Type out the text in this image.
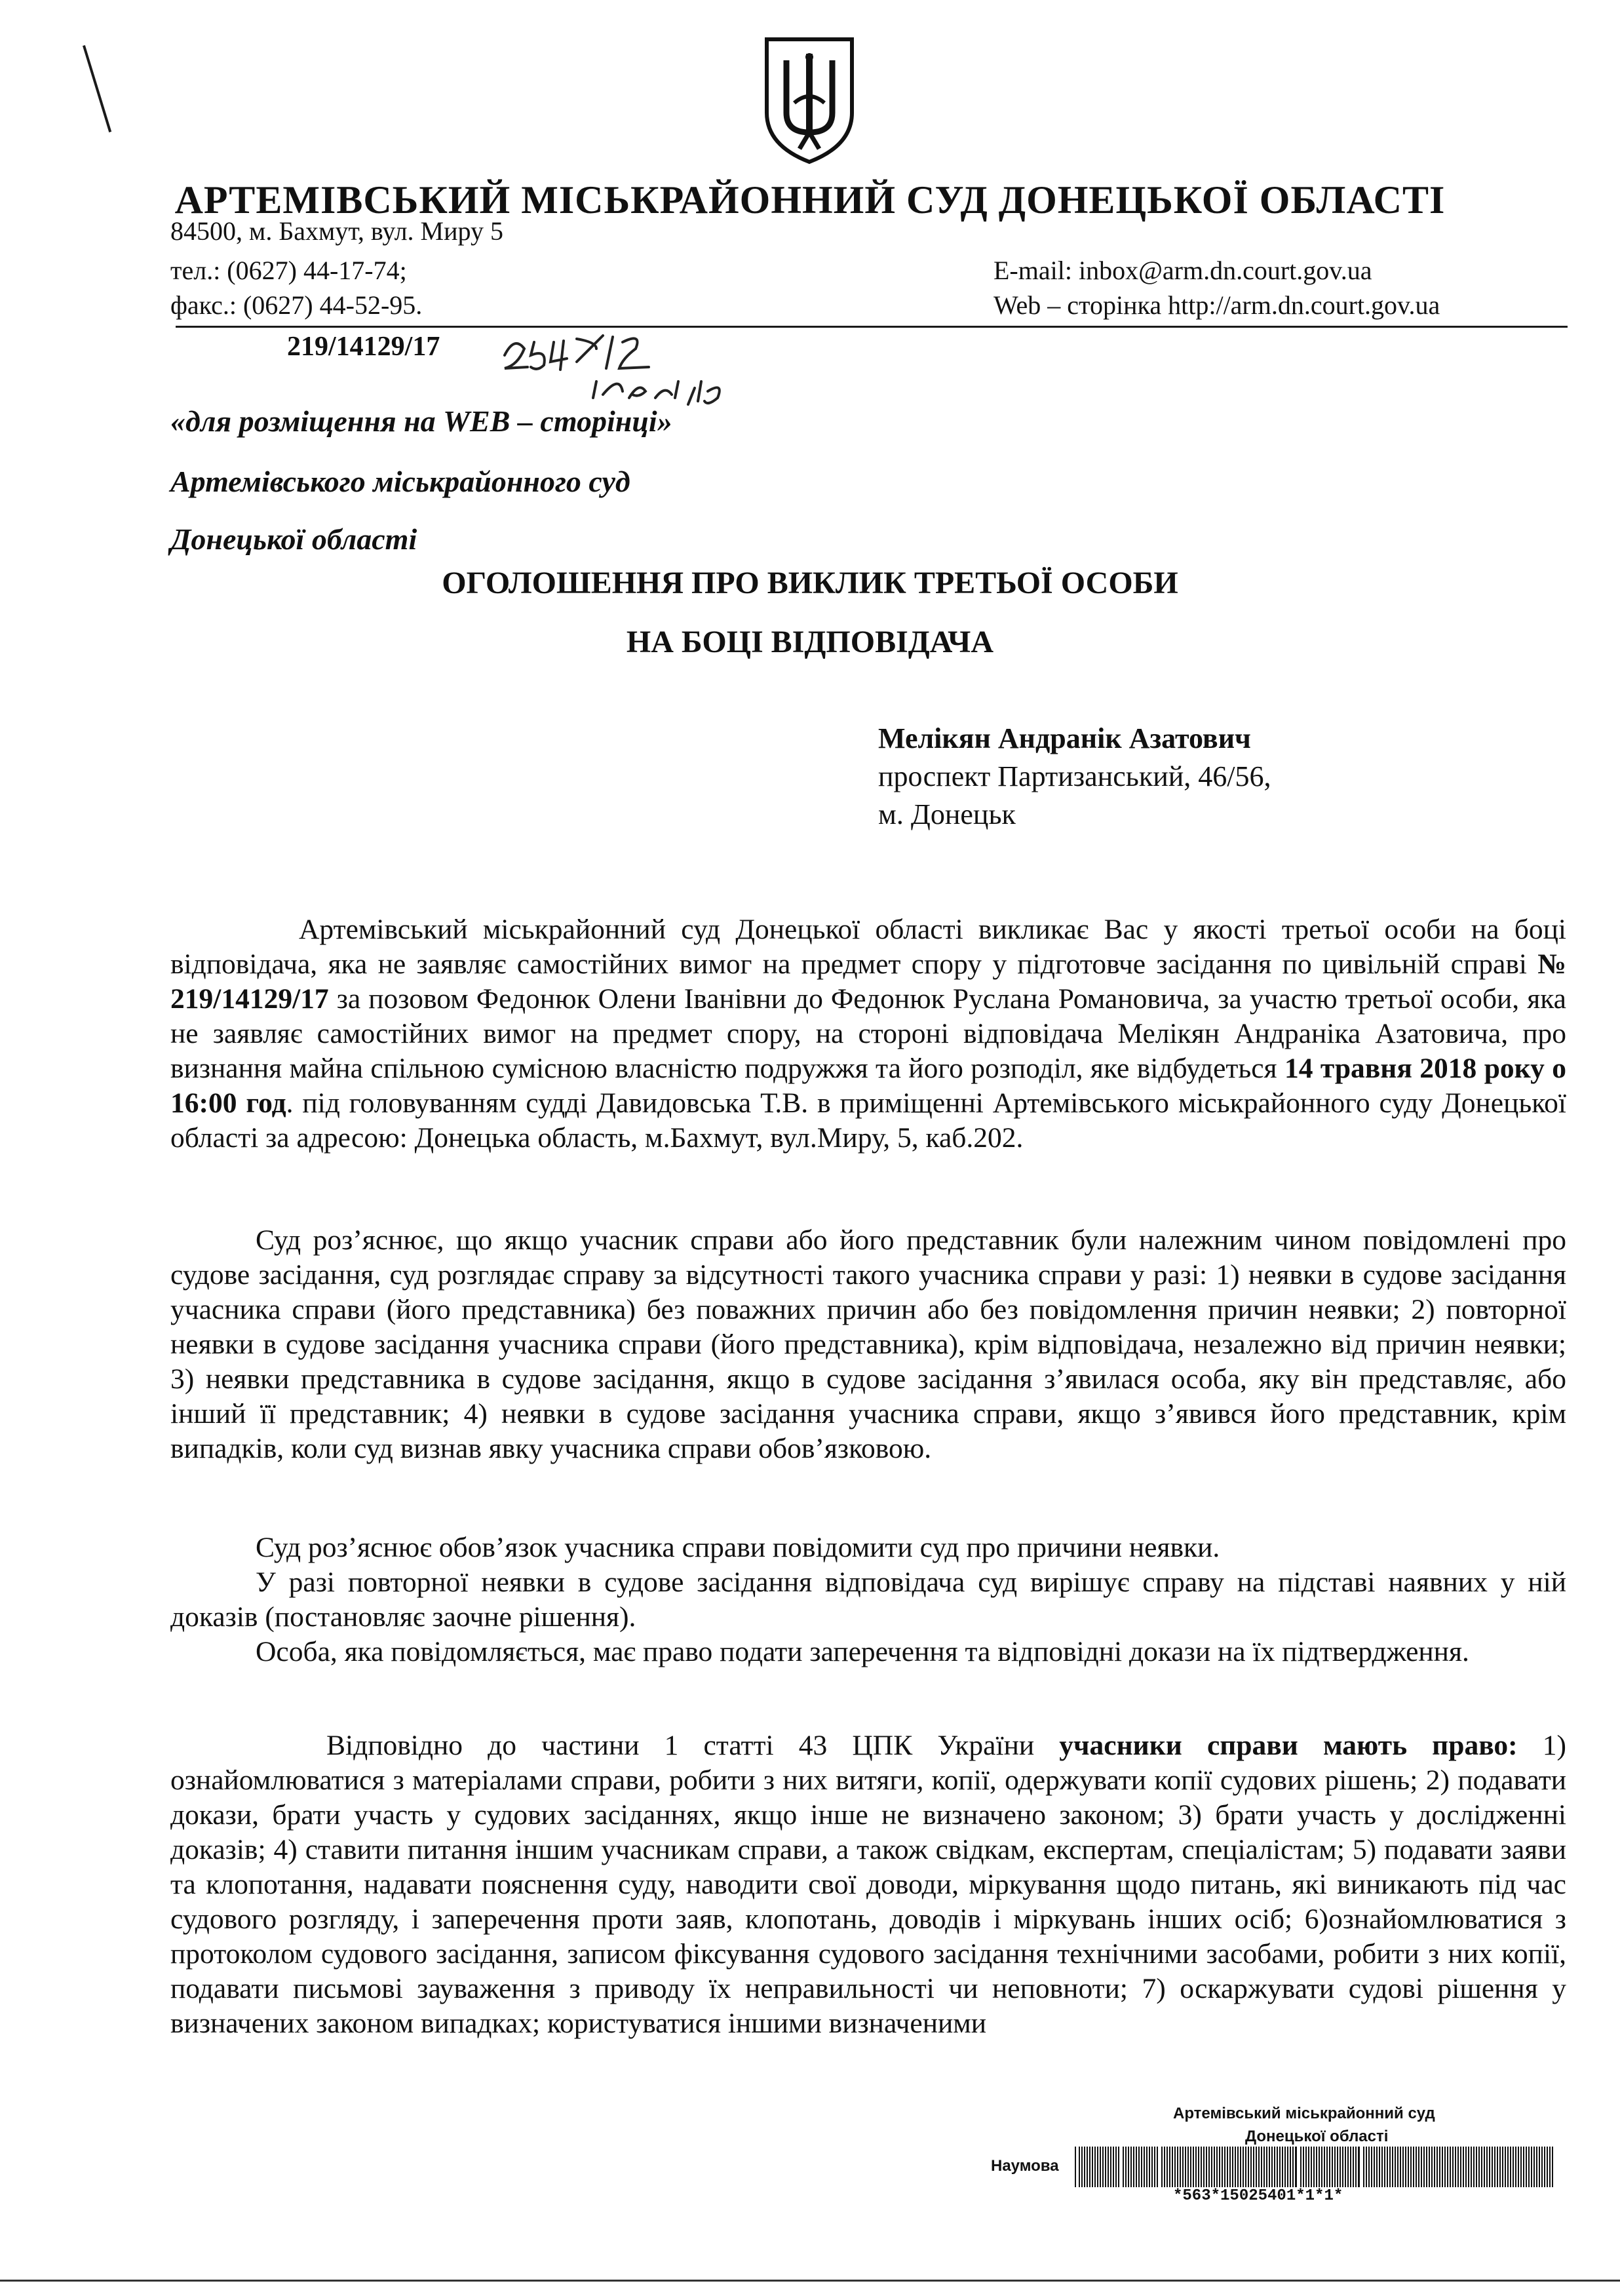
АРТЕМІВСЬКИЙ МІСЬКРАЙОННИЙ СУД ДОНЕЦЬКОЇ ОБЛАСТІ
84500, м. Бахмут, вул. Миру 5
тел.: (0627) 44-17-74;
факс.: (0627) 44-52-95.
E-mail: inbox@arm.dn.court.gov.ua
Web – сторінка http://arm.dn.court.gov.ua
219/14129/17
«для розміщення на WEB – сторінці»
Артемівського міськрайонного суд
Донецької області
ОГОЛОШЕННЯ ПРО ВИКЛИК ТРЕТЬОЇ ОСОБИ
НА БОЦІ ВІДПОВІДАЧА
Мелікян Андранік Азатович
проспект Партизанський, 46/56,
м. Донецьк

Артемівський міськрайонний суд Донецької області викликає Вас у якості третьої особи на боці відповідача, яка не заявляє самостійних вимог на предмет спору у підготовче засідання по цивільній справі № 219/14129/17 за позовом Федонюк Олени Іванівни до Федонюк Руслана Романовича, за участю третьої особи, яка не заявляє самостійних вимог на предмет спору, на стороні відповідача Мелікян Андраніка Азатовича, про визнання майна спільною сумісною власністю подружжя та його розподіл, яке відбудеться 14 травня 2018 року о 16:00 год. під головуванням судді Давидовська Т.В. в приміщенні Артемівського міськрайонного суду Донецької області за адресою: Донецька область, м.Бахмут, вул.Миру, 5, каб.202.

Суд роз’яснює, що якщо учасник справи або його представник були належним чином повідомлені про судове засідання, суд розглядає справу за відсутності такого учасника справи у разі: 1) неявки в судове засідання учасника справи (його представника) без поважних причин або без повідомлення причин неявки; 2) повторної неявки в судове засідання учасника справи (його представника), крім відповідача, незалежно від причин неявки; 3) неявки представника в судове засідання, якщо в судове засідання з’явилася особа, яку він представляє, або інший її представник; 4) неявки в судове засідання учасника справи, якщо з’явився його представник, крім випадків, коли суд визнав явку учасника справи обов’язковою.

Суд роз’яснює обов’язок учасника справи повідомити суд про причини неявки.

У разі повторної неявки в судове засідання відповідача суд вирішує справу на підставі наявних у ній доказів (постановляє заочне рішення).

Особа, яка повідомляється, має право подати заперечення та відповідні докази на їх підтвердження.

Відповідно до частини 1 статті 43 ЦПК України учасники справи мають право: 1) ознайомлюватися з матеріалами справи, робити з них витяги, копії, одержувати копії судових рішень; 2) подавати докази, брати участь у судових засіданнях, якщо інше не визначено законом; 3) брати участь у дослідженні доказів; 4) ставити питання іншим учасникам справи, а також свідкам, експертам, спеціалістам; 5) подавати заяви та клопотання, надавати пояснення суду, наводити свої доводи, міркування щодо питань, які виникають під час судового розгляду, і заперечення проти заяв, клопотань, доводів і міркувань інших осіб; 6)ознайомлюватися з протоколом судового засідання, записом фіксування судового засідання технічними засобами, робити з них копії, подавати письмові зауваження з приводу їх неправильності чи неповноти; 7) оскаржувати судові рішення у визначених законом випадках; користуватися іншими визначеними

Артемівський міськрайонний суд
Донецької області
Наумова
*563*15025401*1*1*
